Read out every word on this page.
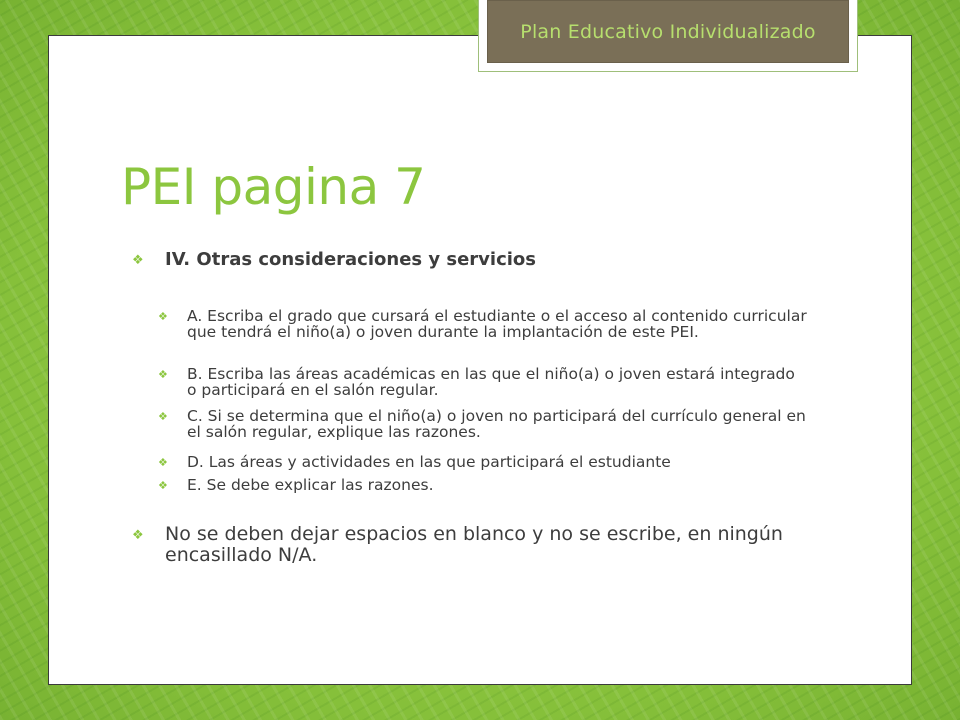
Plan Educativo Individualizado
PEI pagina 7
❖ IV. Otras consideraciones y servicios
❖	A. Escriba el grado que cursará el estudiante o el acceso al contenido curricular que tendrá el niño(a) o joven durante la implantación de este PEI.
❖	B. Escriba las áreas académicas en las que el niño(a) o joven estará integrado o participará en el salón regular.
❖	C. Si se determina que el niño(a) o joven no participará del currículo general en el salón regular, explique las razones.
❖	D. Las áreas y actividades en las que participará el estudiante
❖	E. Se debe explicar las razones.
❖ No se deben dejar espacios en blanco y no se escribe, en ningún encasillado N/A.
